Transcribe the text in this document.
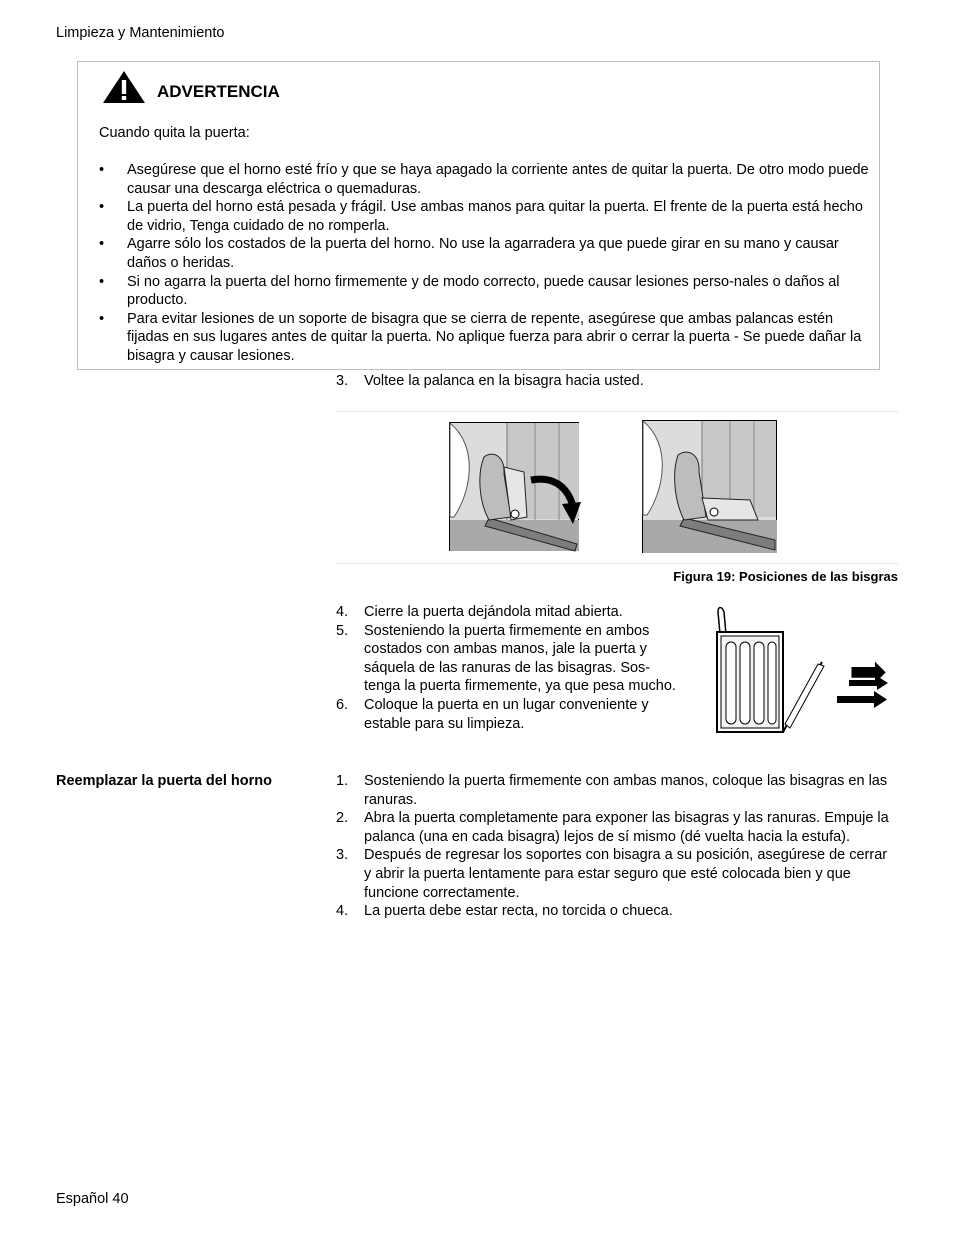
Limpieza y Mantenimiento
ADVERTENCIA
Cuando quita la puerta:
• Asegúrese que el horno esté frío y que se haya apagado la corriente antes de quitar la puerta. De otro modo puede causar una descarga eléctrica o quemaduras.
• La puerta del horno está pesada y frágil. Use ambas manos para quitar la puerta. El frente de la puerta está hecho de vidrio, Tenga cuidado de no romperla.
• Agarre sólo los costados de la puerta del horno. No use la agarradera ya que puede girar en su mano y causar daños o heridas.
• Si no agarra la puerta del horno firmemente y de modo correcto, puede causar lesiones perso-nales o daños al producto.
• Para evitar lesiones de un soporte de bisagra que se cierra de repente, asegúrese que ambas palancas estén fijadas en sus lugares antes de quitar la puerta. No aplique fuerza para abrir o cerrar la puerta - Se puede dañar la bisagra y causar lesiones.
3. Voltee la palanca en la bisagra hacia usted.
Figura 19: Posiciones de las bisgras
4. Cierre la puerta dejándola mitad abierta.
5. Sosteniendo la puerta firmemente en ambos costados con ambas manos, jale la puerta y sáquela de las ranuras de las bisagras. Sos-tenga la puerta firmemente, ya que pesa mucho.
6. Coloque la puerta en un lugar conveniente y estable para su limpieza.
Reemplazar la puerta del horno	1. Sosteniendo la puerta firmemente con ambas manos, coloque las bisagras en las ranuras.
2. Abra la puerta completamente para exponer las bisagras y las ranuras. Empuje la palanca (una en cada bisagra) lejos de sí mismo (dé vuelta hacia la estufa).
3. Después de regresar los soportes con bisagra a su posición, asegúrese de cerrar y abrir la puerta lentamente para estar seguro que esté colocada bien y que funcione correctamente.
4. La puerta debe estar recta, no torcida o chueca.
Español 40
